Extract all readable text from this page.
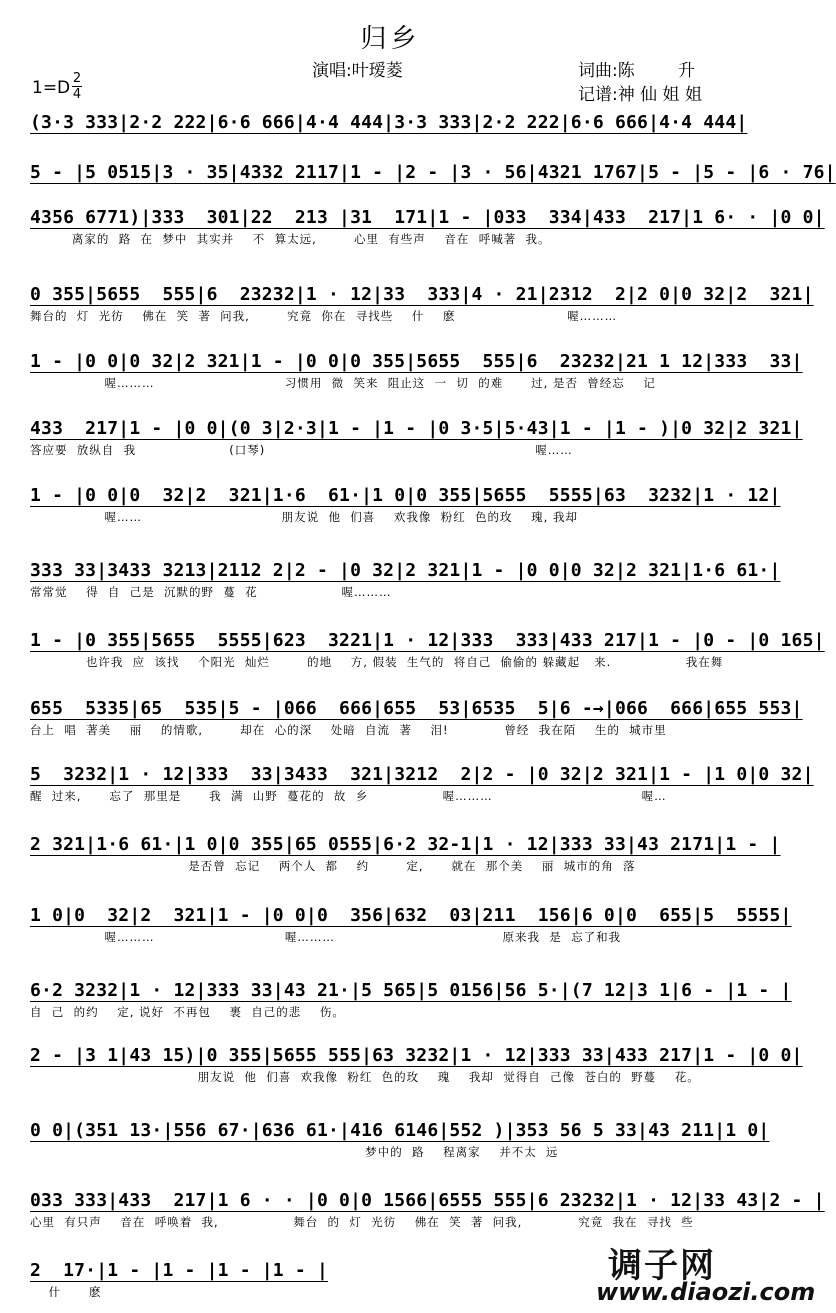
归乡
演唱:叶瑷菱
1=D 2
4
词曲:陈        升
记谱:神 仙 姐 姐
(3·3 333|2·2 222|6·6 666|4·4 444|3·3 333|2·2 222|6·6 666|4·4 444|
5 - |5 0515|3 · 35|4332 2117|1 - |2 - |3 · 56|4321 1767|5 - |5 - |6 · 76|
4356 6771)|333  301|22  213 |31  171|1 - |033  334|433  217|1 6· · |0 0|
离家的  路  在  梦中  其实并    不  算太远,        心里  有些声    音在  呼喊著  我。
0 355|5655  555|6  23232|1 · 12|33  333|4 · 21|2312  2|2 0|0 32|2  321|
舞台的  灯  光彷    佛在  笑  著  问我,        究竟  你在  寻找些    什    麽                        喔………
1 - |0 0|0 32|2 321|1 - |0 0|0 355|5655  555|6  23232|21 1 12|333  33|
喔………                            习惯用  微  笑来  阻止这  一  切  的难      过, 是否  曾经忘    记
433  217|1 - |0 0|(0 3|2·3|1 - |1 - |0 3·5|5·43|1 - |1 - )|0 32|2 321|
答应要  放纵自  我                    (口琴)                                                          喔……
1 - |0 0|0  32|2  321|1·6  61·|1 0|0 355|5655  5555|63  3232|1 · 12|
喔……                              朋友说  他  们喜    欢我像  粉红  色的玫    瑰, 我却
333 33|3433 3213|2112 2|2 - |0 32|2 321|1 - |0 0|0 32|2 321|1·6 61·|
常常觉    得  自  己是  沉默的野  蔓  花                  喔………
1 - |0 355|5655  5555|623  3221|1 · 12|333  333|433 217|1 - |0 - |0 165|
也许我  应  该找    个阳光  灿烂        的地    方, 假装  生气的  将自己  偷偷的 躲藏起   来.                我在舞
655  5335|65  535|5 - |066  666|655  53|6535  5|6 -→|066  666|655 553|
台上  唱  著美    丽    的情歌,        却在  心的深    处暗  自流  著    泪!            曾经  我在陌    生的  城市里
5  3232|1 · 12|333  33|3433  321|3212  2|2 - |0 32|2 321|1 - |1 0|0 32|
醒  过来,      忘了  那里是      我  满  山野  蔓花的  故  乡                喔………                                喔…
2 321|1·6 61·|1 0|0 355|65 0555|6·2 32-1|1 · 12|333 33|43 2171|1 - |
是否曾  忘记    两个人  都    约        定,      就在  那个美    丽  城市的角  落
1 0|0  32|2  321|1 - |0 0|0  356|632  03|211  156|6 0|0  655|5  5555|
喔………                            喔………                                    原来我  是  忘了和我
6·2 3232|1 · 12|333 33|43 21·|5 565|5 0156|56 5·|(7 12|3 1|6 - |1 - |
自  己  的约    定, 说好  不再包    裹  自己的悲    伤。
2 - |3 1|43 15)|0 355|5655 555|63 3232|1 · 12|333 33|433 217|1 - |0 0|
朋友说  他  们喜  欢我像  粉红  色的玫    瑰    我却  觉得自  己像  苍白的  野蔓    花。
0 0|(351 13·|556 67·|636 61·|416 6146|552 )|353 56 5 33|43 211|1 0|
梦中的  路    程离家    并不太  远
033 333|433  217|1 6 · · |0 0|0 1566|6555 555|6 23232|1 · 12|33 43|2 - |
心里  有只声    音在  呼唤着  我,                舞台  的  灯  光彷    佛在  笑  著  问我,            究竟  我在  寻找  些
2  17·|1 - |1 - |1 - |1 - |
什      麽
调子网
www.diaozi.com
